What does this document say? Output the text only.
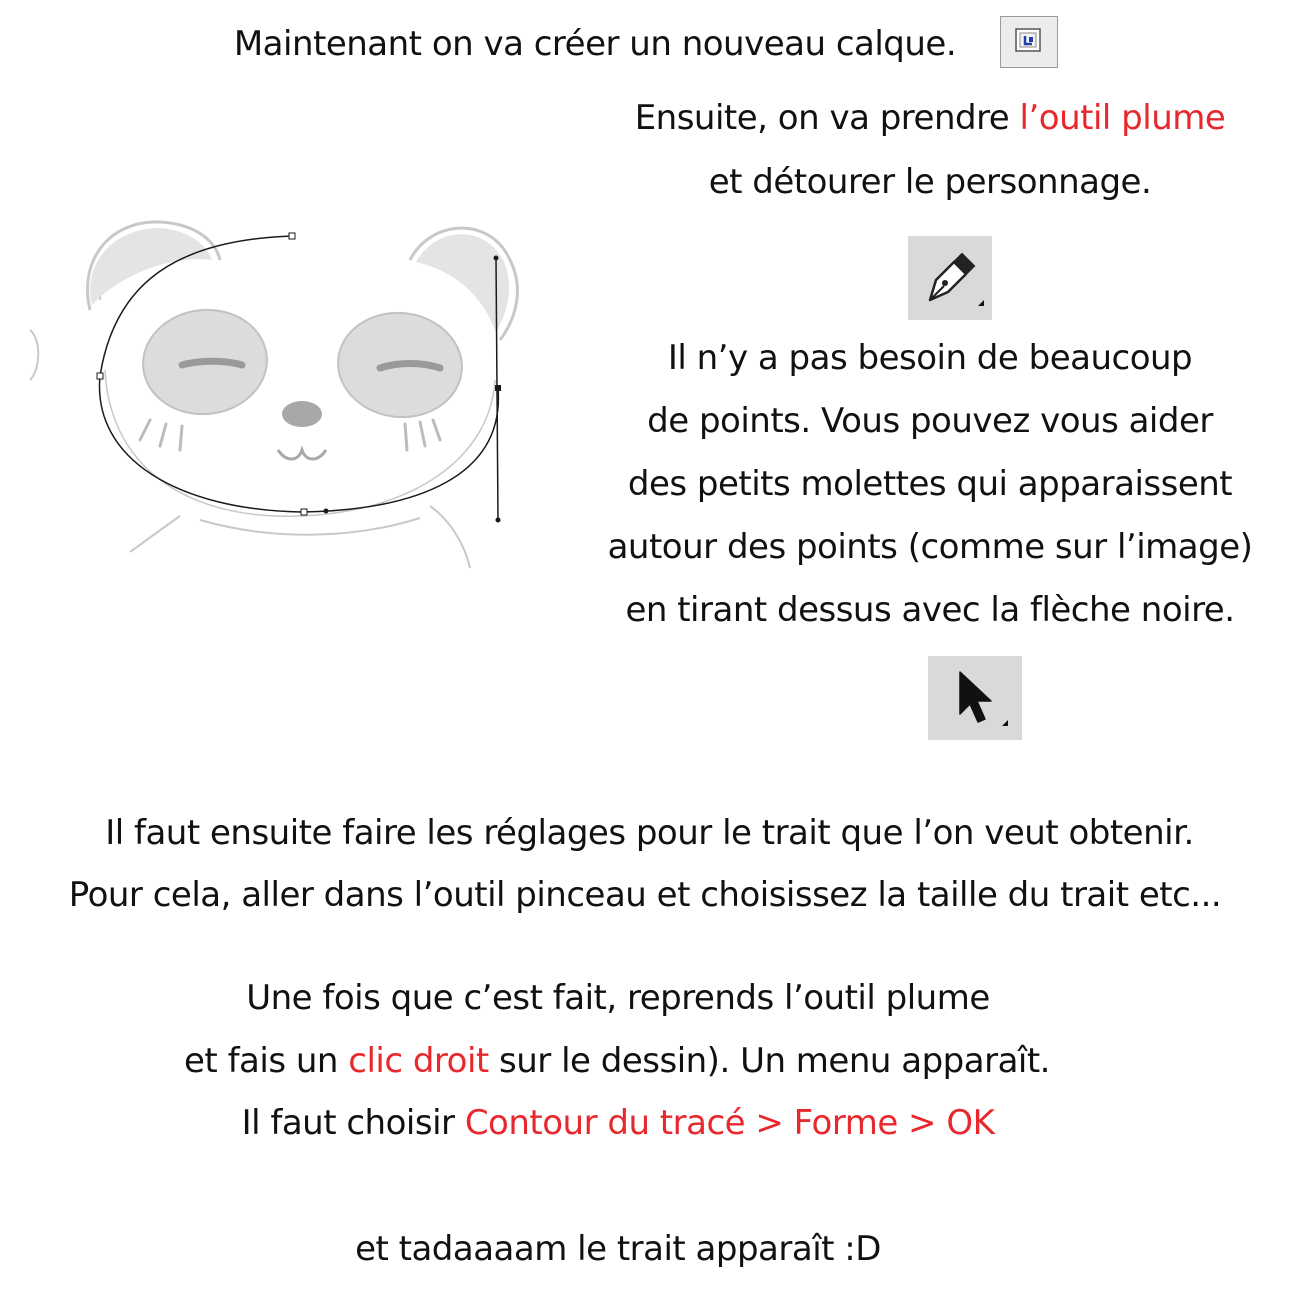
Maintenant on va créer un nouveau calque.
Ensuite, on va prendre l’outil plume
et détourer le personnage.
Il n’y a pas besoin de beaucoup
de points. Vous pouvez vous aider
des petits molettes qui apparaissent
autour des points (comme sur l’image)
en tirant dessus avec la flèche noire.
Il faut ensuite faire les réglages pour le trait que l’on veut obtenir.
Pour cela, aller dans l’outil pinceau et choisissez la taille du trait etc...
Une fois que c’est fait, reprends l’outil plume
et fais un clic droit sur le dessin). Un menu apparaît.
Il faut choisir Contour du tracé > Forme > OK
et tadaaaam le trait apparaît :D
